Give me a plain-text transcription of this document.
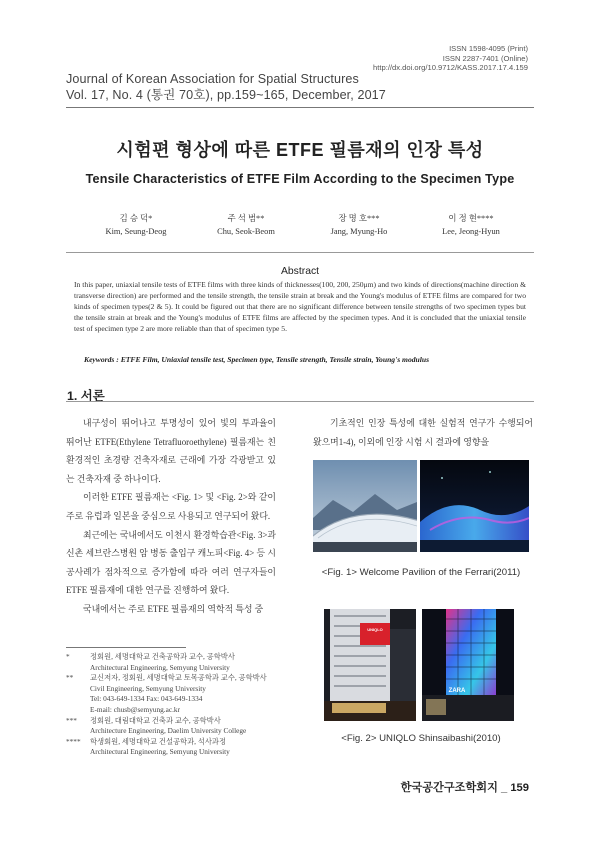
ISSN 1598-4095 (Print)
ISSN 2287-7401 (Online)
http://dx.doi.org/10.9712/KASS.2017.17.4.159
Journal of Korean Association for Spatial Structures
Vol. 17, No. 4 (통권 70호), pp.159~165, December, 2017
시험편 형상에 따른 ETFE 필름재의 인장 특성
Tensile Characteristics of ETFE Film According to the Specimen Type
김 승 덕*
Kim, Seung-Deog
주 석 범**
Chu, Seok-Beom
장 명 호***
Jang, Myung-Ho
이 정 현****
Lee, Jeong-Hyun
Abstract
In this paper, uniaxial tensile tests of ETFE films with three kinds of thicknesses(100, 200, 250μm) and two kinds of directions(machine direction & transverse direction) are performed and the tensile strength, the tensile strain at break and the Young's modulus of ETFE films are compared for two kinds of specimen types(2 & 5). It could be figured out that there are no significant difference between tensile strengths of two specimen types but the tensile strain at break and the Young's modulus of ETFE films are affected by the specimen types. And it is concluded that the uniaxial tensile test of specimen type 2 are more reliable than that of specimen type 5.
Keywords : ETFE Film, Uniaxial tensile test, Specimen type, Tensile strength, Tensile strain, Young's modulus
1. 서론
내구성이 뛰어나고 투명성이 있어 빛의 투과율이 뛰어난 ETFE(Ethylene Tetrafluoroethylene) 필름재는 친환경적인 초경량 건축자재로 근래에 가장 각광받고 있는 건축자재 중 하나이다.
이러한 ETFE 필름재는 <Fig. 1> 및 <Fig. 2>와 같이 주로 유럽과 일본을 중심으로 사용되고 연구되어 왔다.
최근에는 국내에서도 이천시 환경학습관<Fig. 3>과 신촌 세브란스병원 암 병동 출입구 캐노피<Fig. 4> 등 시공사례가 점차적으로 증가함에 따라 여러 연구자들이 ETFE 필름재에 대한 연구를 진행하여 왔다.
국내에서는 주로 ETFE 필름재의 역학적 특성 중
기초적인 인장 특성에 대한 실험적 연구가 수행되어 왔으며1-4), 이외에 인장 시험 시 결과에 영향을
<Fig. 1> Welcome Pavilion of the Ferrari(2011)
UNIQLO
ZARA
<Fig. 2> UNIQLO Shinsaibashi(2010)
*	정회원, 세명대학교 건축공학과 교수, 공학박사
Architectural Engineering, Semyung University
**	교신저자, 정회원, 세명대학교 토목공학과 교수, 공학박사
Civil Engineering, Semyung University
Tel: 043-649-1334 Fax: 043-649-1334
E-mail: chusb@semyung.ac.kr
***	정회원, 대림대학교 건축과 교수, 공학박사
Architecture Engineering, Daelim University College
****	학생회원, 세명대학교 건설공학과, 석사과정
Architectural Engineering, Semyung University
한국공간구조학회지 _ 159
